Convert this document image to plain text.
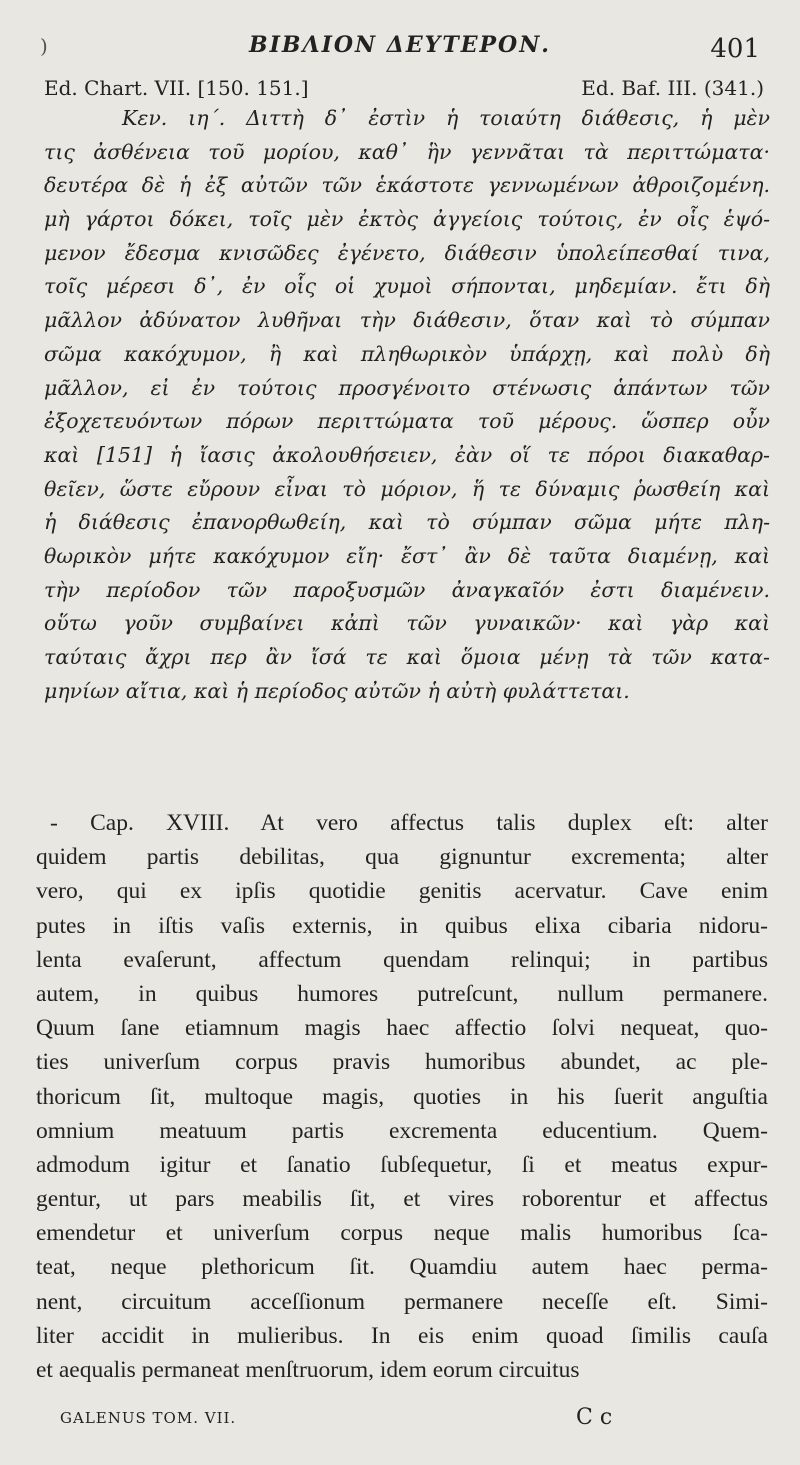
)	BIBΛΙΟΝ ΔΕΥΤΕΡΟΝ.	401
Ed. Chart. VII. [150. 151.]	Ed. Baf. III. (341.)
Κεν. ιη΄. Διττὴ δ᾿ ἐστὶν ἡ τοιαύτη διάθεσις, ἡ μὲν
τις ἀσθένεια τοῦ μορίου, καθ᾿ ἣν γεννᾶται τὰ περιττώματα·
δευτέρα δὲ ἡ ἐξ αὐτῶν τῶν ἑκάστοτε γεννωμένων ἀθροιζομένη.
μὴ γάρτοι δόκει, τοῖς μὲν ἐκτὸς ἀγγείοις τούτοις, ἐν οἷς ἑψό-
μενον ἔδεσμα κνισῶδες ἐγένετο, διάθεσιν ὑπολείπεσθαί τινα,
τοῖς μέρεσι δ᾿, ἐν οἷς οἱ χυμοὶ σήπονται, μηδεμίαν. ἔτι δὴ
μᾶλλον ἀδύνατον λυθῆναι τὴν διάθεσιν, ὅταν καὶ τὸ σύμπαν
σῶμα κακόχυμον, ἢ καὶ πληθωρικὸν ὑπάρχῃ, καὶ πολὺ δὴ
μᾶλλον, εἰ ἐν τούτοις προσγένοιτο στένωσις ἁπάντων τῶν
ἐξοχετευόντων πόρων περιττώματα τοῦ μέρους. ὥσπερ οὖν
καὶ [151] ἡ ἴασις ἀκολουθήσειεν, ἐὰν οἵ τε πόροι διακαθαρ-
θεῖεν, ὥστε εὔρουν εἶναι τὸ μόριον, ἥ τε δύναμις ῥωσθείη καὶ
ἡ διάθεσις ἐπανορθωθείη, καὶ τὸ σύμπαν σῶμα μήτε πλη-
θωρικὸν μήτε κακόχυμον εἴη· ἔστ᾿ ἂν δὲ ταῦτα διαμένῃ, καὶ
τὴν περίοδον τῶν παροξυσμῶν ἀναγκαῖόν ἐστι διαμένειν.
οὕτω γοῦν συμβαίνει κἀπὶ τῶν γυναικῶν· καὶ γὰρ καὶ
ταύταις ἄχρι περ ἂν ἴσά τε καὶ ὅμοια μένῃ τὰ τῶν κατα-
μηνίων αἴτια, καὶ ἡ περίοδος αὐτῶν ἡ αὐτὴ φυλάττεται.
- Cap. XVIII. At vero affectus talis duplex eſt: alter
quidem partis debilitas, qua gignuntur excrementa; alter
vero, qui ex ipſis quotidie genitis acervatur. Cave enim
putes in iſtis vaſis externis, in quibus elixa cibaria nidoru-
lenta evaſerunt, affectum quendam relinqui; in partibus
autem, in quibus humores putreſcunt, nullum permanere.
Quum ſane etiamnum magis haec affectio ſolvi nequeat, quo-
ties univerſum corpus pravis humoribus abundet, ac ple-
thoricum ſit, multoque magis, quoties in his ſuerit anguſtia
omnium meatuum partis excrementa educentium. Quem-
admodum igitur et ſanatio ſubſequetur, ſi et meatus expur-
gentur, ut pars meabilis ſit, et vires roborentur et affectus
emendetur et univerſum corpus neque malis humoribus ſca-
teat, neque plethoricum ſit. Quamdiu autem haec perma-
nent, circuitum acceſſionum permanere neceſſe eſt. Simi-
liter accidit in mulieribus. In eis enim quoad ſimilis cauſa
et aequalis permaneat menſtruorum, idem eorum circuitus
GALENUS TOM. VII.	C c
